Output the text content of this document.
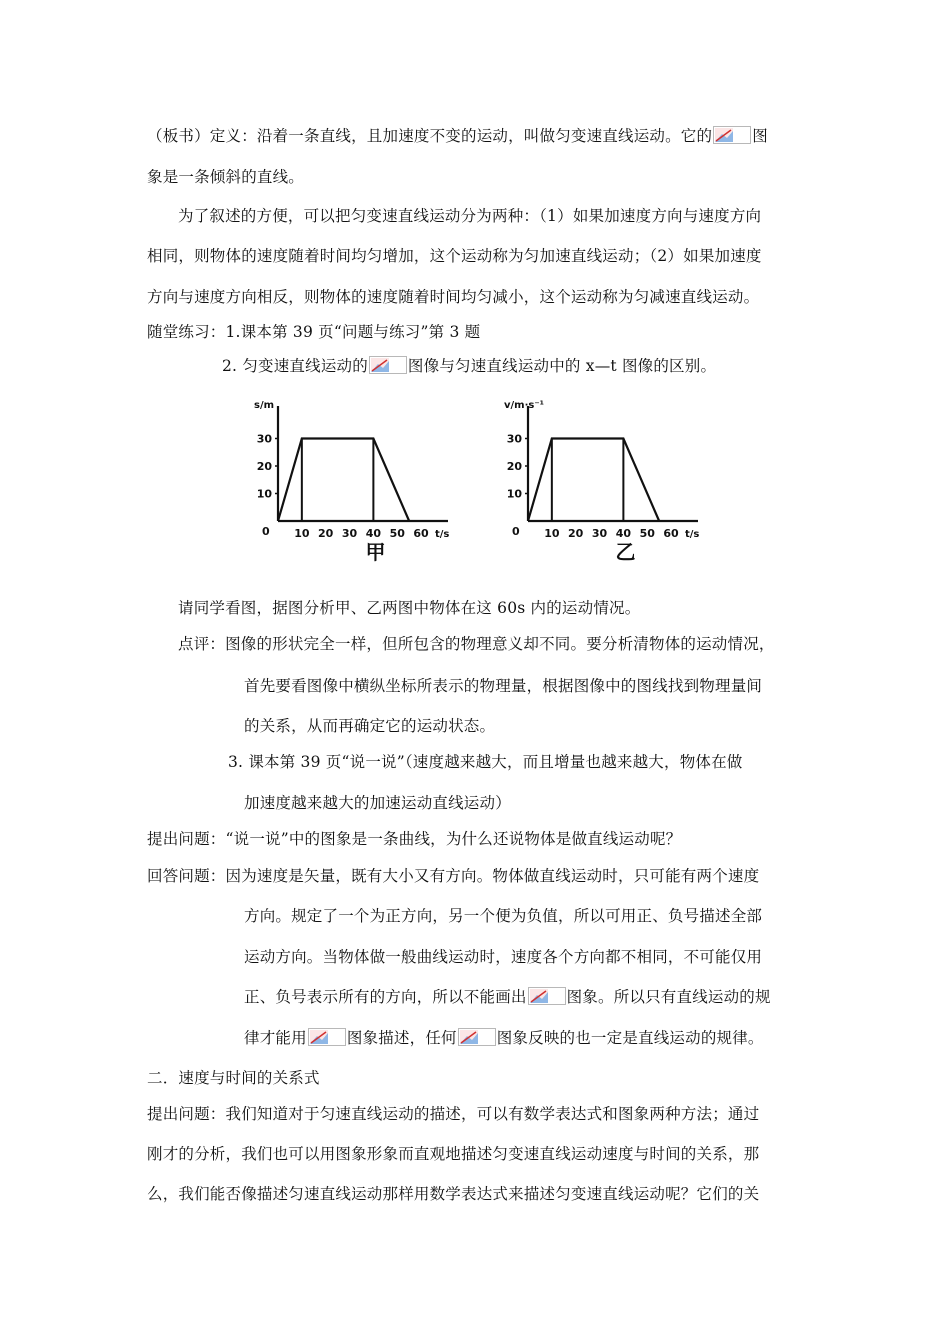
（板书）定义：沿着一条直线，且加速度不变的运动，叫做匀变速直线运动。它的	图
象是一条倾斜的直线。
为了叙述的方便，可以把匀变速直线运动分为两种：（1）如果加速度方向与速度方向
相同，则物体的速度随着时间均匀增加，这个运动称为匀加速直线运动；（2）如果加速度
方向与速度方向相反，则物体的速度随着时间均匀减小，这个运动称为匀减速直线运动。
随堂练习：1.课本第 39 页“问题与练习”第 3 题
2. 匀变速直线运动的	图像与匀速直线运动中的 x—t 图像的区别。
s/m
t/s
0 10 20 30 40 50 60
10
20
30
甲
v/m·s⁻¹
t/s
0 10 20 30 40 50 60
10
20
30
乙
请同学看图，据图分析甲、乙两图中物体在这 60s 内的运动情况。
点评：图像的形状完全一样，但所包含的物理意义却不同。要分析清物体的运动情况，
首先要看图像中横纵坐标所表示的物理量，根据图像中的图线找到物理量间
的关系，从而再确定它的运动状态。
3. 课本第 39 页“说一说”（速度越来越大，而且增量也越来越大，物体在做
加速度越来越大的加速运动直线运动）
提出问题：“说一说”中的图象是一条曲线，为什么还说物体是做直线运动呢？
回答问题：因为速度是矢量，既有大小又有方向。物体做直线运动时，只可能有两个速度
方向。规定了一个为正方向，另一个便为负值，所以可用正、负号描述全部
运动方向。当物体做一般曲线运动时，速度各个方向都不相同，不可能仅用
正、负号表示所有的方向，所以不能画出	图象。所以只有直线运动的规
律才能用	图象描述，任何	图象反映的也一定是直线运动的规律。
二．速度与时间的关系式
提出问题：我们知道对于匀速直线运动的描述，可以有数学表达式和图象两种方法；通过
刚才的分析，我们也可以用图象形象而直观地描述匀变速直线运动速度与时间的关系，那
么，我们能否像描述匀速直线运动那样用数学表达式来描述匀变速直线运动呢？它们的关
